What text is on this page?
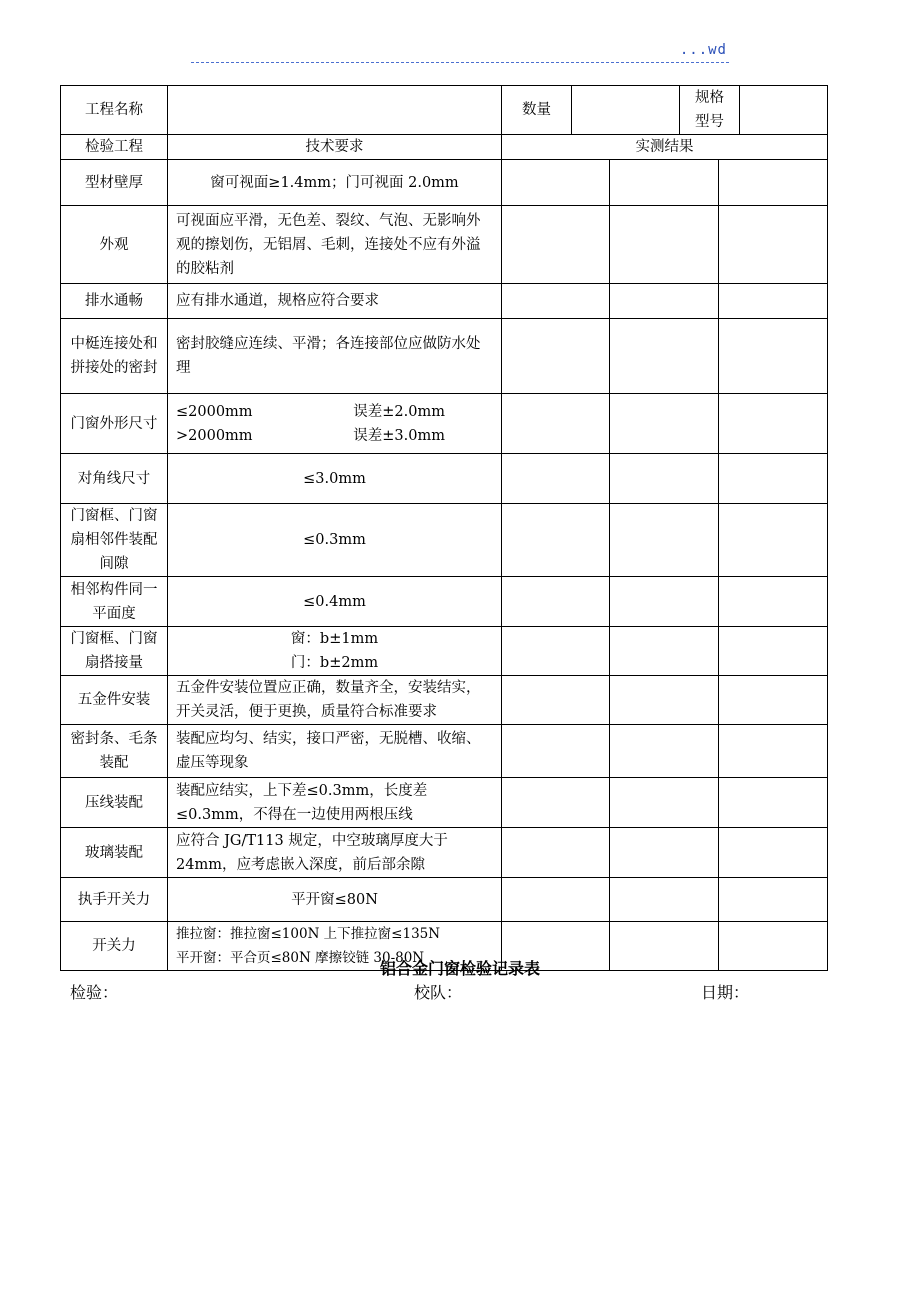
...wd
工程名称		数量			规格型号		
检验工程	技术要求	实测结果					
型材壁厚	窗可视面≥1.4mm；门可视面 2.0mm						
外观	可视面应平滑，无色差、裂纹、气泡、无影响外观的擦划伤，无铝屑、毛刺，连接处不应有外溢的胶粘剂						
排水通畅	应有排水通道，规格应符合要求						
中梃连接处和拼接处的密封	密封胶缝应连续、平滑；各连接部位应做防水处理						
门窗外形尺寸	≤2000mm 误差±2.0mm
>2000mm 误差±3.0mm						

对角线尺寸	≤3.0mm						
门窗框、门窗扇相邻件装配间隙	≤0.3mm						
相邻构件同一平面度	≤0.4mm						
门窗框、门窗扇搭接量	窗：b±1mm
门：b±2mm						

五金件安装	五金件安装位置应正确，数量齐全，安装结实，开关灵活，便于更换，质量符合标准要求						
密封条、毛条装配	装配应均匀、结实，接口严密，无脱槽、收缩、虚压等现象						
压线装配	装配应结实，上下差≤0.3mm，长度差≤0.3mm，不得在一边使用两根压线						
玻璃装配	应符合 JG/T113 规定，中空玻璃厚度大于24mm，应考虑嵌入深度，前后部余隙						
执手开关力	平开窗≤80N						
开关力	推拉窗：推拉窗≤100N 上下推拉窗≤135N
平开窗：平合页≤80N 摩擦铰链 30-80N						

铝合金门窗检验记录表
检验：	校队：	日期：
